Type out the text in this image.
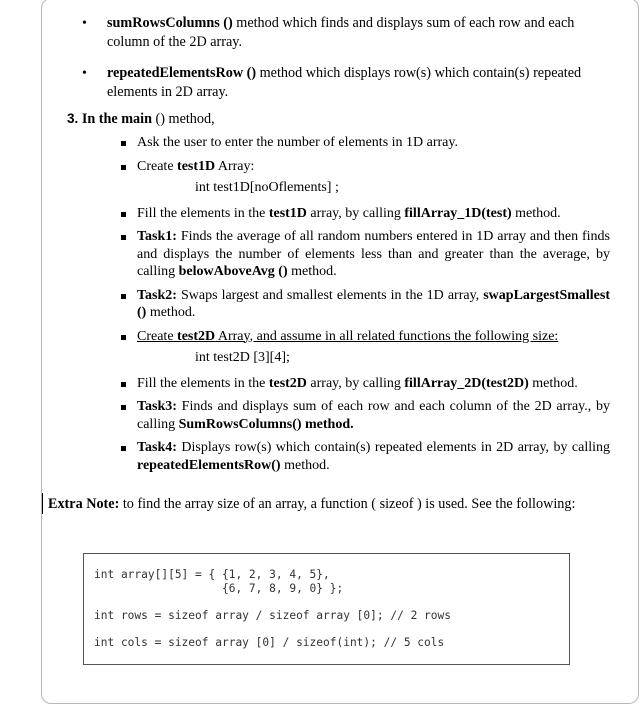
• sumRowsColumns () method which finds and displays sum of each row and each column of the 2D array.
• repeatedElementsRow () method which displays row(s) which contain(s) repeated elements in 2D array.
3. In the main () method,
Ask the user to enter the number of elements in 1D array.
Create test1D Array:
int test1D[noOflements] ;
Fill the elements in the test1D array, by calling fillArray_1D(test) method.
Task1: Finds the average of all random numbers entered in 1D array and then finds and displays the number of elements less than and greater than the average, by calling belowAboveAvg () method.
Task2: Swaps largest and smallest elements in the 1D array, swapLargestSmallest () method.
Create test2D Array, and assume in all related functions the following size:
int test2D [3][4];
Fill the elements in the test2D array, by calling fillArray_2D(test2D) method.
Task3: Finds and displays sum of each row and each column of the 2D array., by calling SumRowsColumns() method.
Task4: Displays row(s) which contain(s) repeated elements in 2D array, by calling repeatedElementsRow() method.
Extra Note: to find the array size of an array, a function ( sizeof ) is used. See the following:
int array[][5] = { {1, 2, 3, 4, 5},
{6, 7, 8, 9, 0} };
int rows = sizeof array / sizeof array [0]; // 2 rows
int cols = sizeof array [0] / sizeof(int); // 5 cols
